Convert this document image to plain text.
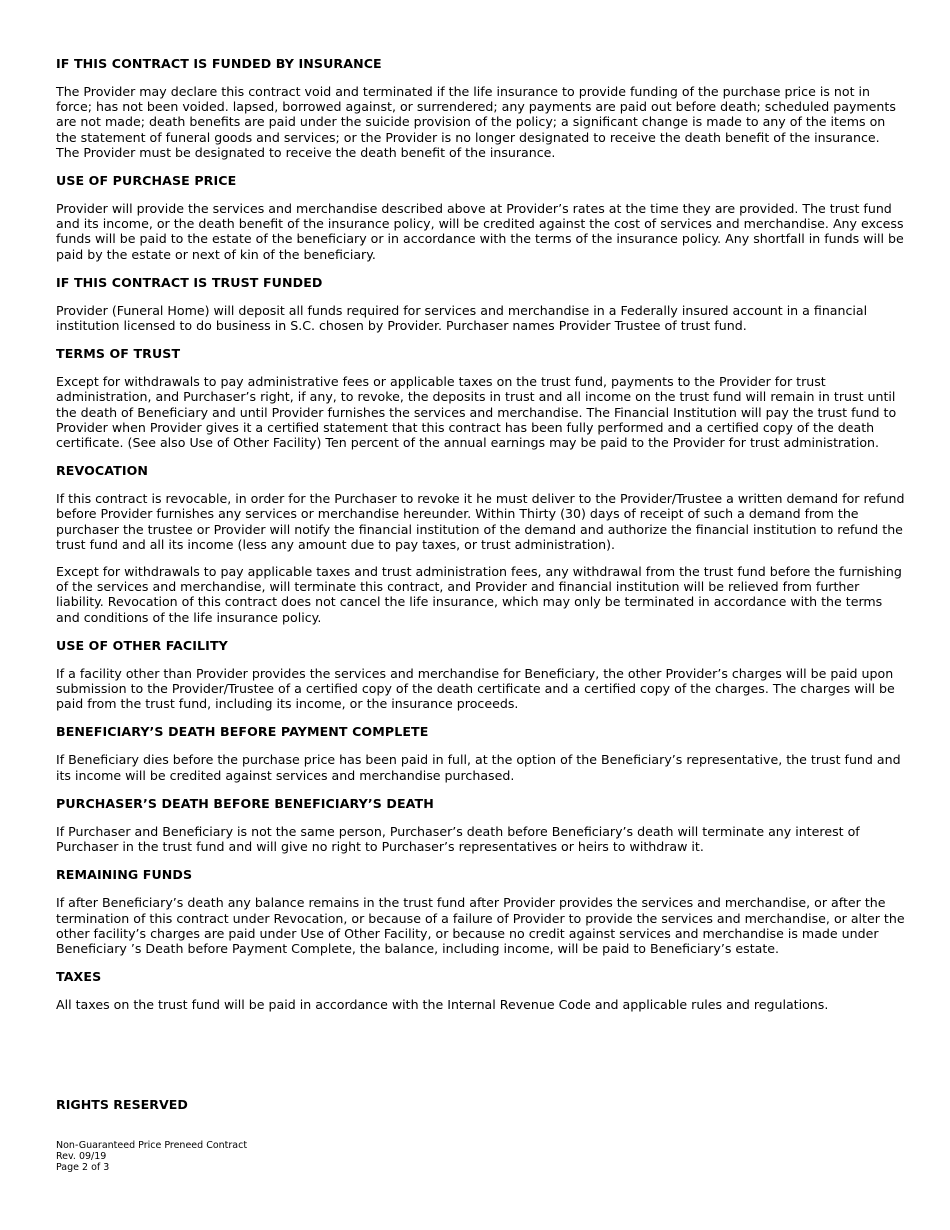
IF THIS CONTRACT IS FUNDED BY INSURANCE

The Provider may declare this contract void and terminated if the life insurance to provide funding of the purchase price is not in force; has not been voided. lapsed, borrowed against, or surrendered; any payments are paid out before death; scheduled payments are not made; death benefits are paid under the suicide provision of the policy; a significant change is made to any of the items on the statement of funeral goods and services; or the Provider is no longer designated to receive the death benefit of the insurance. The Provider must be designated to receive the death benefit of the insurance.

USE OF PURCHASE PRICE

Provider will provide the services and merchandise described above at Provider’s rates at the time they are provided. The trust fund and its income, or the death benefit of the insurance policy, will be credited against the cost of services and merchandise. Any excess funds will be paid to the estate of the beneficiary or in accordance with the terms of the insurance policy. Any shortfall in funds will be paid by the estate or next of kin of the beneficiary.

IF THIS CONTRACT IS TRUST FUNDED

Provider (Funeral Home) will deposit all funds required for services and merchandise in a Federally insured account in a financial institution licensed to do business in S.C. chosen by Provider. Purchaser names Provider Trustee of trust fund.

TERMS OF TRUST

Except for withdrawals to pay administrative fees or applicable taxes on the trust fund, payments to the Provider for trust administration, and Purchaser’s right, if any, to revoke, the deposits in trust and all income on the trust fund will remain in trust until the death of Beneficiary and until Provider furnishes the services and merchandise. The Financial Institution will pay the trust fund to Provider when Provider gives it a certified statement that this contract has been fully performed and a certified copy of the death certificate. (See also Use of Other Facility) Ten percent of the annual earnings may be paid to the Provider for trust administration.

REVOCATION

If this contract is revocable, in order for the Purchaser to revoke it he must deliver to the Provider/Trustee a written demand for refund before Provider furnishes any services or merchandise hereunder. Within Thirty (30) days of receipt of such a demand from the purchaser the trustee or Provider will notify the financial institution of the demand and authorize the financial institution to refund the trust fund and all its income (less any amount due to pay taxes, or trust administration).

Except for withdrawals to pay applicable taxes and trust administration fees, any withdrawal from the trust fund before the furnishing of the services and merchandise, will terminate this contract, and Provider and financial institution will be relieved from further liability. Revocation of this contract does not cancel the life insurance, which may only be terminated in accordance with the terms and conditions of the life insurance policy.

USE OF OTHER FACILITY

If a facility other than Provider provides the services and merchandise for Beneficiary, the other Provider’s charges will be paid upon submission to the Provider/Trustee of a certified copy of the death certificate and a certified copy of the charges. The charges will be paid from the trust fund, including its income, or the insurance proceeds.

BENEFICIARY’S DEATH BEFORE PAYMENT COMPLETE

If Beneficiary dies before the purchase price has been paid in full, at the option of the Beneficiary’s representative, the trust fund and its income will be credited against services and merchandise purchased.

PURCHASER’S DEATH BEFORE BENEFICIARY’S DEATH

If Purchaser and Beneficiary is not the same person, Purchaser’s death before Beneficiary’s death will terminate any interest of Purchaser in the trust fund and will give no right to Purchaser’s representatives or heirs to withdraw it.

REMAINING FUNDS

If after Beneficiary’s death any balance remains in the trust fund after Provider provides the services and merchandise, or after the termination of this contract under Revocation, or because of a failure of Provider to provide the services and merchandise, or alter the other facility’s charges are paid under Use of Other Facility, or because no credit against services and merchandise is made under Beneficiary ’s Death before Payment Complete, the balance, including income, will be paid to Beneficiary’s estate.

TAXES

All taxes on the trust fund will be paid in accordance with the Internal Revenue Code and applicable rules and regulations.

RIGHTS RESERVED
Non-Guaranteed Price Preneed Contract
Rev. 09/19
Page 2 of 3
